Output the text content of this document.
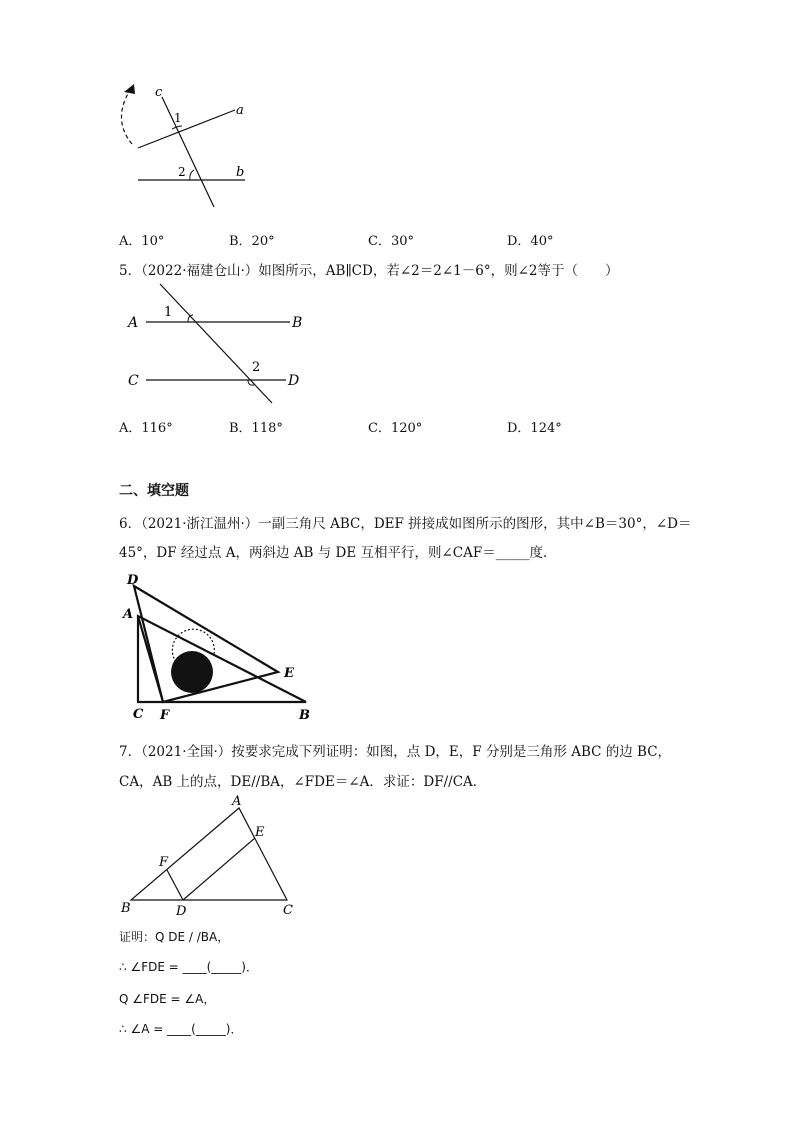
c
a
b
1
2
A．10°	B．20°	C．30°	D．40°
5．（2022·福建仓山·）如图所示，AB∥CD，若∠2＝2∠1－6°，则∠2等于（　　）
A	B
C	D
1
2
A．116°	B．118°	C．120°	D．124°
二、填空题
6．（2021·浙江温州·）一副三角尺 ABC，DEF 拼接成如图所示的图形，其中∠B＝30°，∠D＝
45°，DF 经过点 A，两斜边 AB 与 DE 互相平行，则∠CAF＝_____度．
D
A
E
C F	B
7．（2021·全国·）按要求完成下列证明：如图，点 D，E，F 分别是三角形 ABC 的边 BC，
CA，AB 上的点，DE//BA，∠FDE＝∠A．求证：DF//CA．
A
E
F
B	D	C
证明：Q DE / /BA，
∴ ∠FDE = ____(_____)．
Q ∠FDE = ∠A，
∴ ∠A = ____(_____)．
